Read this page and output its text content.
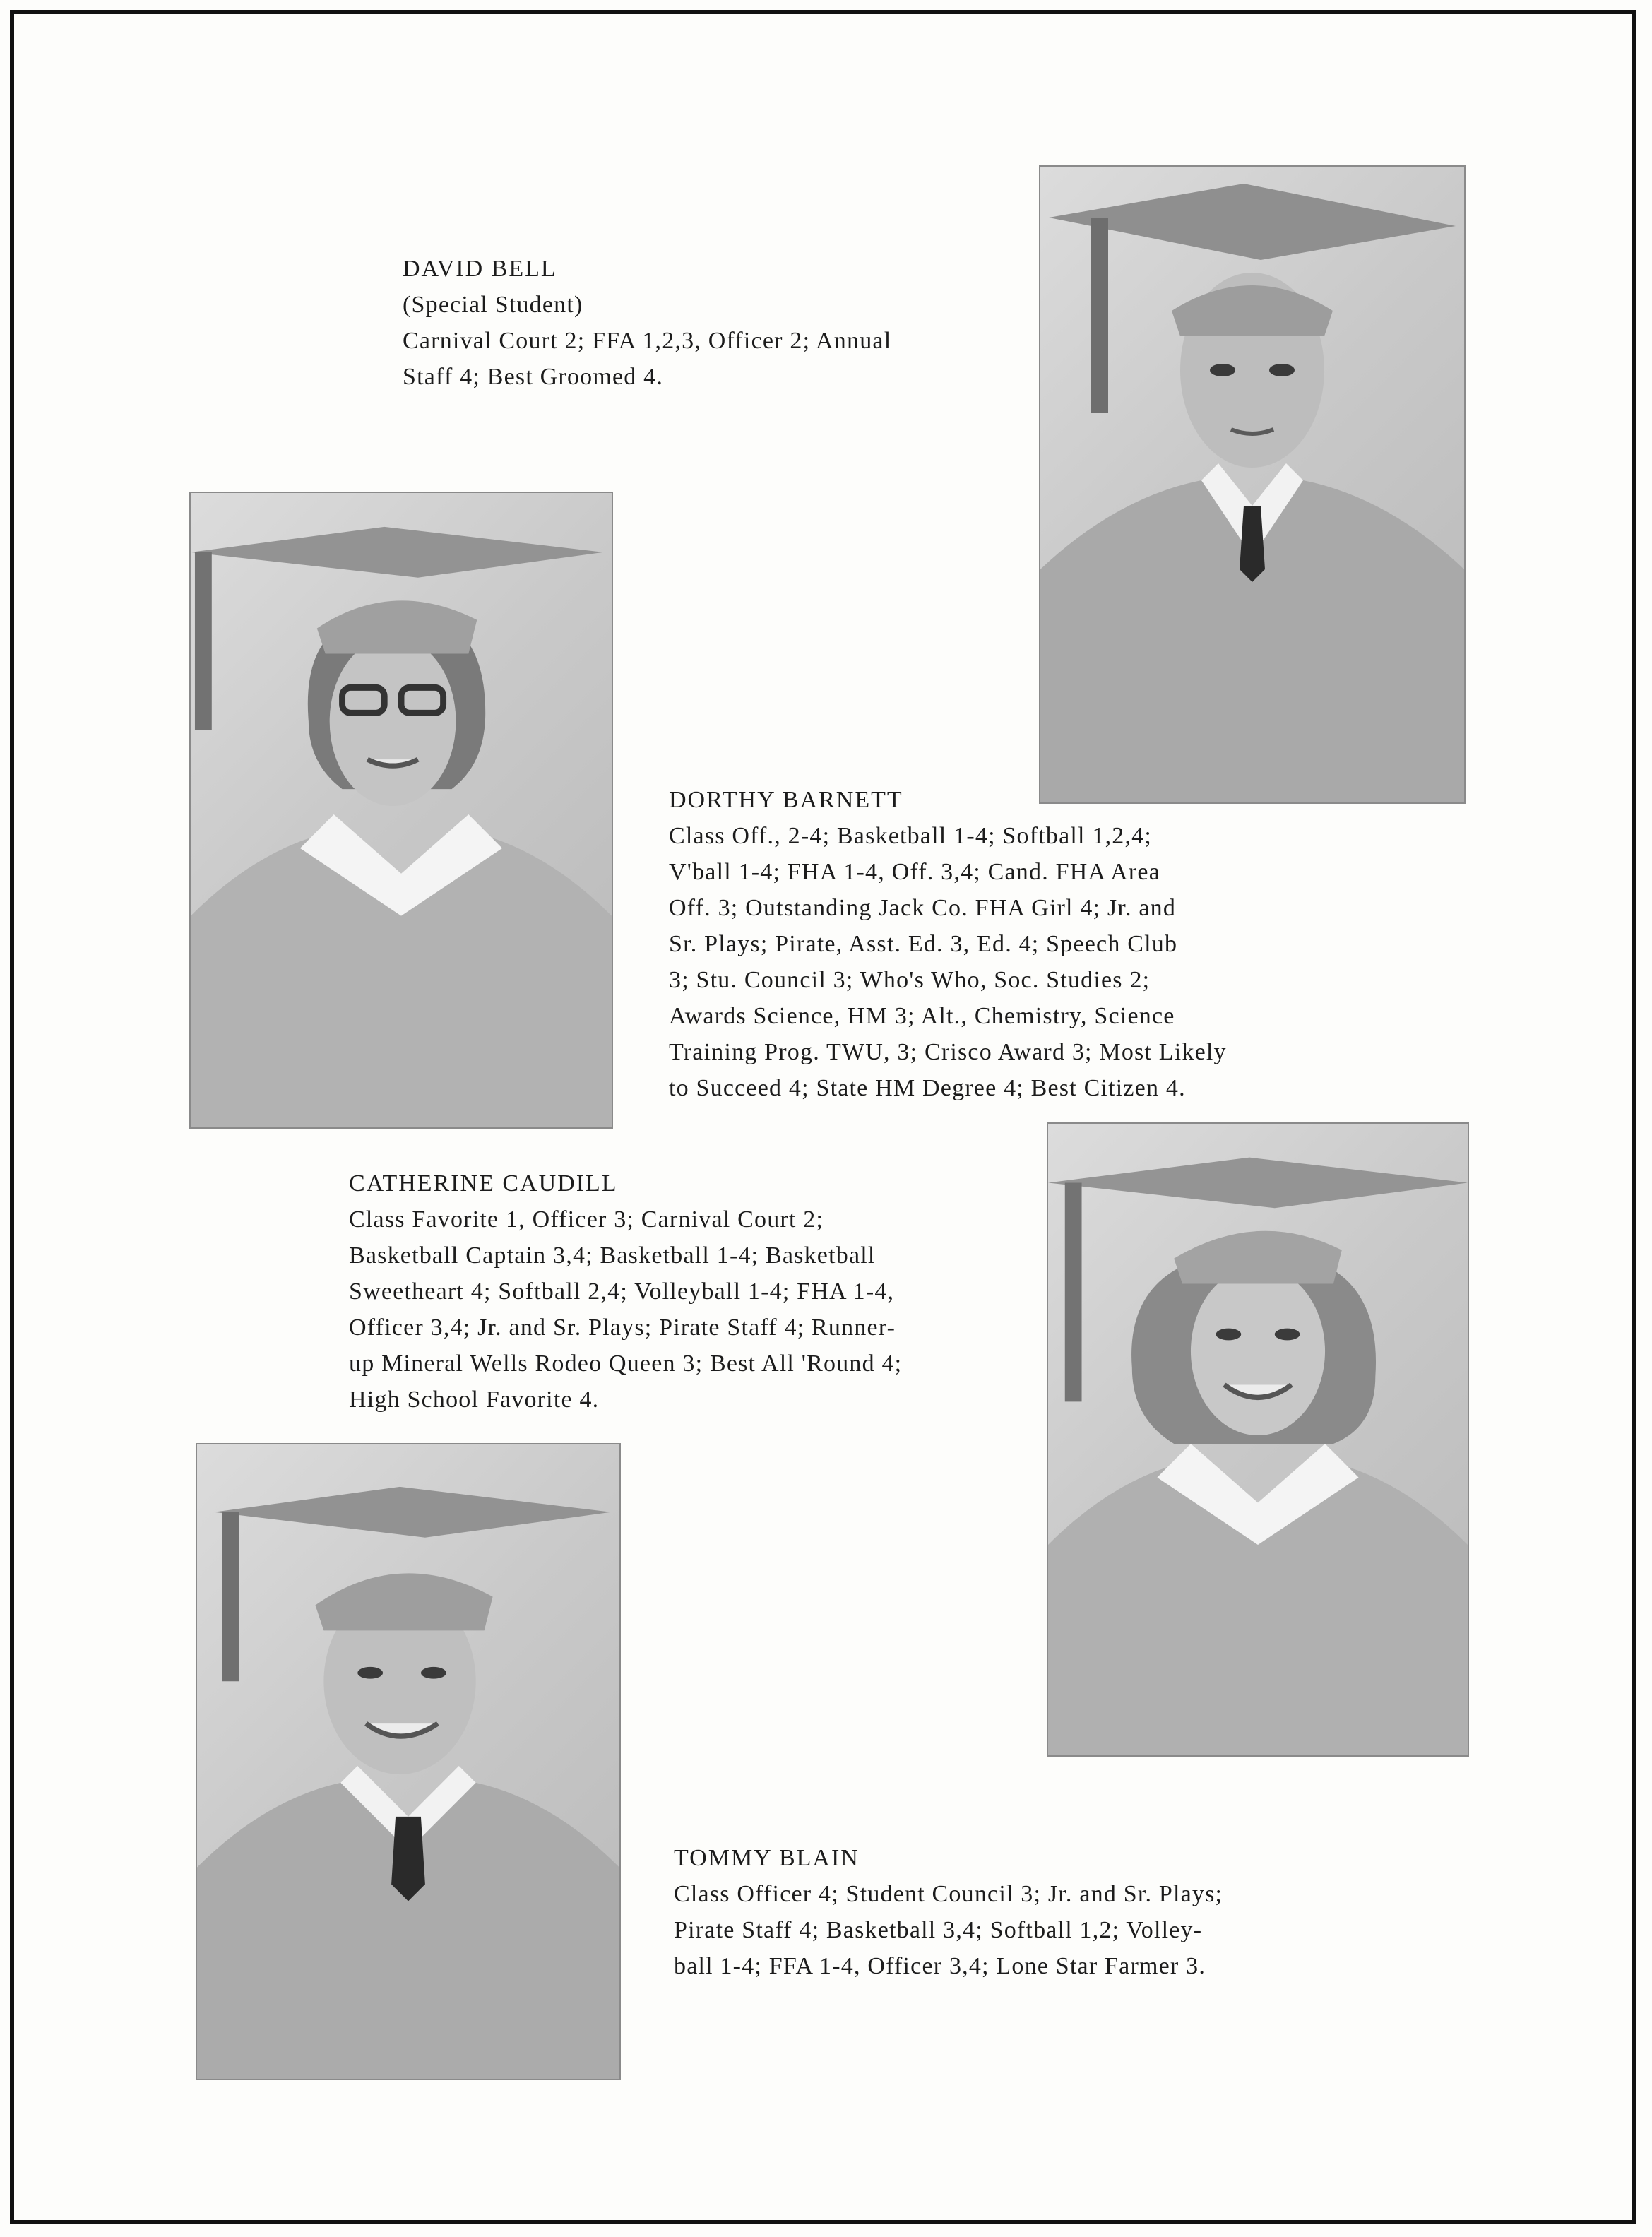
DAVID BELL
(Special Student)
Carnival Court 2; FFA 1,2,3, Officer 2; Annual
Staff 4; Best Groomed 4.
DORTHY BARNETT
Class Off., 2-4; Basketball 1-4; Softball 1,2,4;
V'ball 1-4; FHA 1-4, Off. 3,4; Cand. FHA Area
Off. 3; Outstanding Jack Co. FHA Girl 4; Jr. and
Sr. Plays; Pirate, Asst. Ed. 3, Ed. 4; Speech Club
3; Stu. Council 3; Who's Who, Soc. Studies 2;
Awards Science, HM 3; Alt., Chemistry, Science
Training Prog. TWU, 3; Crisco Award 3; Most Likely
to Succeed 4; State HM Degree 4; Best Citizen 4.
CATHERINE CAUDILL
Class Favorite 1, Officer 3; Carnival Court 2;
Basketball Captain 3,4; Basketball 1-4; Basketball
Sweetheart 4; Softball 2,4; Volleyball 1-4; FHA 1-4,
Officer 3,4; Jr. and Sr. Plays; Pirate Staff 4; Runner-
up Mineral Wells Rodeo Queen 3; Best All 'Round 4;
High School Favorite 4.
TOMMY BLAIN
Class Officer 4; Student Council 3; Jr. and Sr. Plays;
Pirate Staff 4; Basketball 3,4; Softball 1,2; Volley-
ball 1-4; FFA 1-4, Officer 3,4; Lone Star Farmer 3.
